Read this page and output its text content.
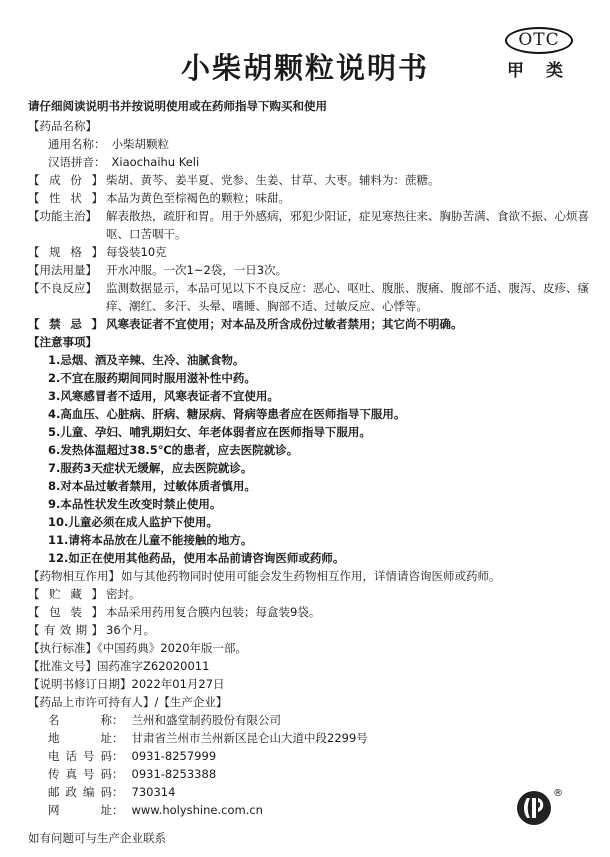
小柴胡颗粒说明书
OTC
甲 类
请仔细阅读说明书并按说明使用或在药师指导下购买和使用
【药品名称】
通用名称： 小柴胡颗粒
汉语拼音： Xiaochaihu Keli
【 成 份 】 柴胡、黄芩、姜半夏、党参、生姜、甘草、大枣。辅料为：蔗糖。
【 性 状 】 本品为黄色至棕褐色的颗粒；味甜。
【功能主治】 解表散热，疏肝和胃。用于外感病，邪犯少阳证，症见寒热往来、胸胁苦满、食欲不振、心烦喜呕、口苦咽干。
【 规 格 】 每袋装10克
【用法用量】 开水冲服。一次1~2袋，一日3次。
【不良反应】 监测数据显示，本品可见以下不良反应：恶心、呕吐、腹胀、腹痛、腹部不适、腹泻、皮疹、瘙痒、潮红、多汗、头晕、嗜睡、胸部不适、过敏反应、心悸等。
【 禁 忌 】 风寒表证者不宜使用；对本品及所含成份过敏者禁用；其它尚不明确。
【注意事项】
1.忌烟、酒及辛辣、生冷、油腻食物。
2.不宜在服药期间同时服用滋补性中药。
3.风寒感冒者不适用，风寒表证者不宜使用。
4.高血压、心脏病、肝病、糖尿病、肾病等患者应在医师指导下服用。
5.儿童、孕妇、哺乳期妇女、年老体弱者应在医师指导下服用。
6.发热体温超过38.5℃的患者，应去医院就诊。
7.服药3天症状无缓解，应去医院就诊。
8.对本品过敏者禁用，过敏体质者慎用。
9.本品性状发生改变时禁止使用。
10.儿童必须在成人监护下使用。
11.请将本品放在儿童不能接触的地方。
12.如正在使用其他药品，使用本品前请咨询医师或药师。
【药物相互作用】 如与其他药物同时使用可能会发生药物相互作用，详情请咨询医师或药师。
【 贮 藏 】 密封。
【 包 装 】 本品采用药用复合膜内包装；每盒装9袋。
【 有 效 期 】 36个月。
【执行标准】《中国药典》2020年版一部。
【批准文号】国药准字Z62020011
【说明书修订日期】2022年01月27日
【药品上市许可持有人】/【生产企业】
名称： 兰州和盛堂制药股份有限公司
地址： 甘肃省兰州市兰州新区昆仑山大道中段2299号
电话号码： 0931-8257999
传真号码： 0931-8253388
邮政编码： 730314
网址： www.holyshine.com.cn
如有问题可与生产企业联系
®
